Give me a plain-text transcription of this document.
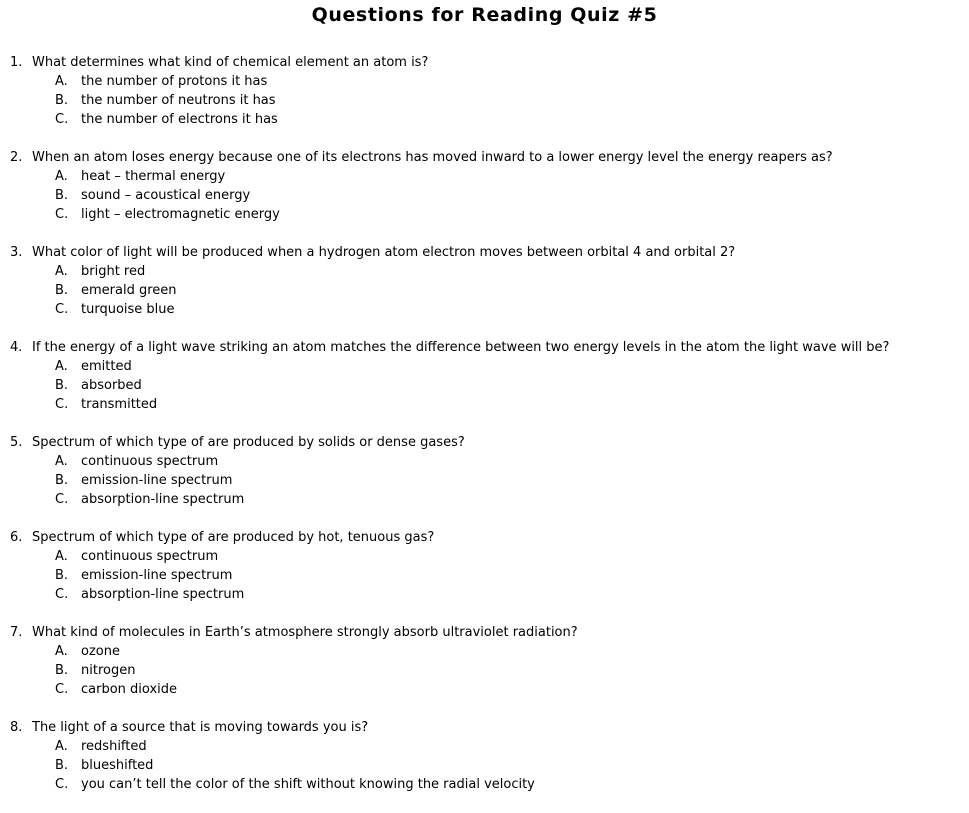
Questions for Reading Quiz #5
1. What determines what kind of chemical element an atom is?
A. the number of protons it has
B. the number of neutrons it has
C. the number of electrons it has
2. When an atom loses energy because one of its electrons has moved inward to a lower energy level the energy reapers as?
A. heat – thermal energy
B. sound – acoustical energy
C. light – electromagnetic energy
3. What color of light will be produced when a hydrogen atom electron moves between orbital 4 and orbital 2?
A. bright red
B. emerald green
C. turquoise blue
4. If the energy of a light wave striking an atom matches the difference between two energy levels in the atom the light wave will be?
A. emitted
B. absorbed
C. transmitted
5. Spectrum of which type of are produced by solids or dense gases?
A. continuous spectrum
B. emission-line spectrum
C. absorption-line spectrum
6. Spectrum of which type of are produced by hot, tenuous gas?
A. continuous spectrum
B. emission-line spectrum
C. absorption-line spectrum
7. What kind of molecules in Earth’s atmosphere strongly absorb ultraviolet radiation?
A. ozone
B. nitrogen
C. carbon dioxide
8. The light of a source that is moving towards you is?
A. redshifted
B. blueshifted
C. you can’t tell the color of the shift without knowing the radial velocity
